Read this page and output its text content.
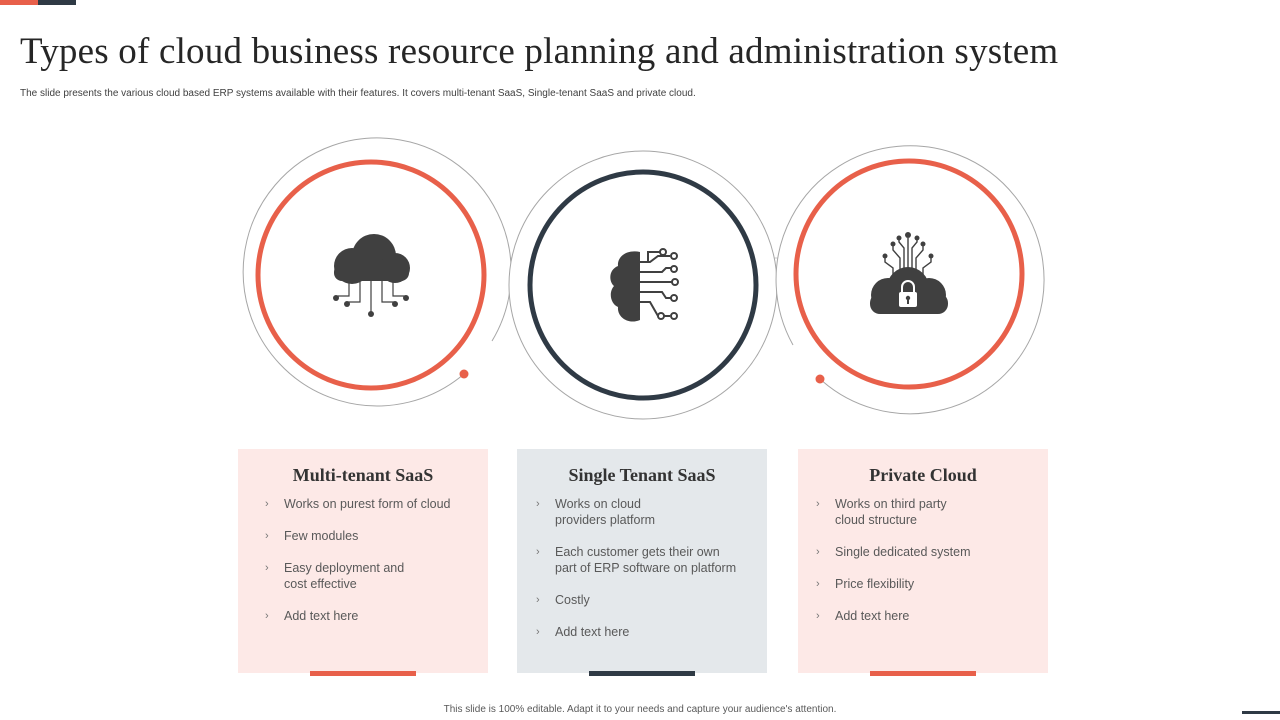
Types of cloud business resource planning and administration system

The slide presents the various cloud based ERP systems available with their features. It covers multi-tenant SaaS, Single-tenant SaaS and private cloud.

Multi-tenant SaaS
› Works on purest form of cloud
› Few modules
› Easy deployment and
cost effective
› Add text here
Single Tenant SaaS
› Works on cloud
providers platform
› Each customer gets their own
part of ERP software on platform
› Costly
› Add text here
Private Cloud
› Works on third party
cloud structure
› Single dedicated system
› Price flexibility
› Add text here

This slide is 100% editable. Adapt it to your needs and capture your audience's attention.
